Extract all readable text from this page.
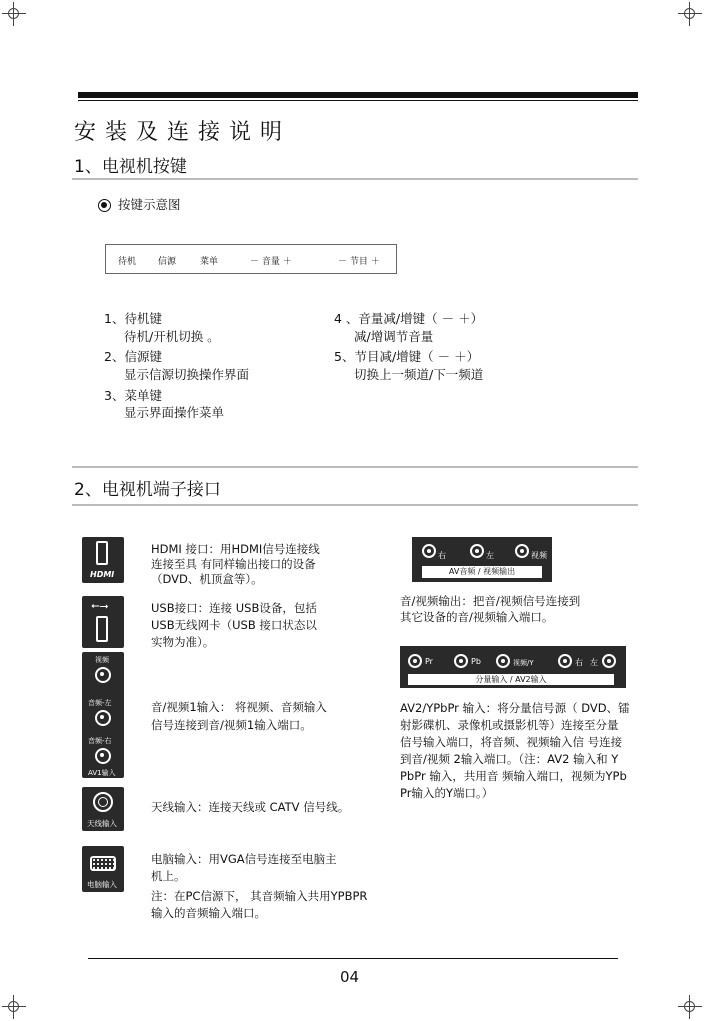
安 装 及 连 接 说 明
1、电视机按键
按键示意图
待机 信源	菜单	－ 音量 ＋	－ 节目 ＋
1、待机键
待机/开机切换 。
2、信源键
显示信源切换操作界面
3、菜单键
显示界面操作菜单
4 、音量减/增键（ － ＋）
减/增调节音量
5、节目减/增键（ － ＋）
切换上一频道/下一频道
2、电视机端子接口
HDMI
HDMI 接口：用HDMI信号连接线
连接至具 有同样输出接口的设备
（DVD、机顶盒等）。
⭠⭢	USB接口：连接 USB设备，包括
USB无线网卡（USB 接口状态以
实物为准）。
视频
音频-左
音频-右
AV1输入
音/视频1输入： 将视频、音频输入
信号连接到音/视频1输入端口。
天线输入
天线输入：连接天线或 CATV 信号线。
电脑输入
电脑输入：用VGA信号连接至电脑主
机上。
注：在PC信源下， 其音频输入共用YPBPR
输入的音频输入端口。
右	左	视频
AV音频 / 视频输出
音/视频输出：把音/视频信号连接到
其它设备的音/视频输入端口。
Pr	Pb	视频/Y	右 左
分量输入 / AV2输入
AV2/YPbPr 输入：将分量信号源（ DVD、镭
射影碟机、录像机或摄影机等）连接至分量
信号输入端口，将音频、视频输入信 号连接
到音/视频 2输入端口。（注：AV2 输入和 Y
PbPr 输入，共用音 频输入端口，视频为YPb
Pr输入的Y端口。）
04
